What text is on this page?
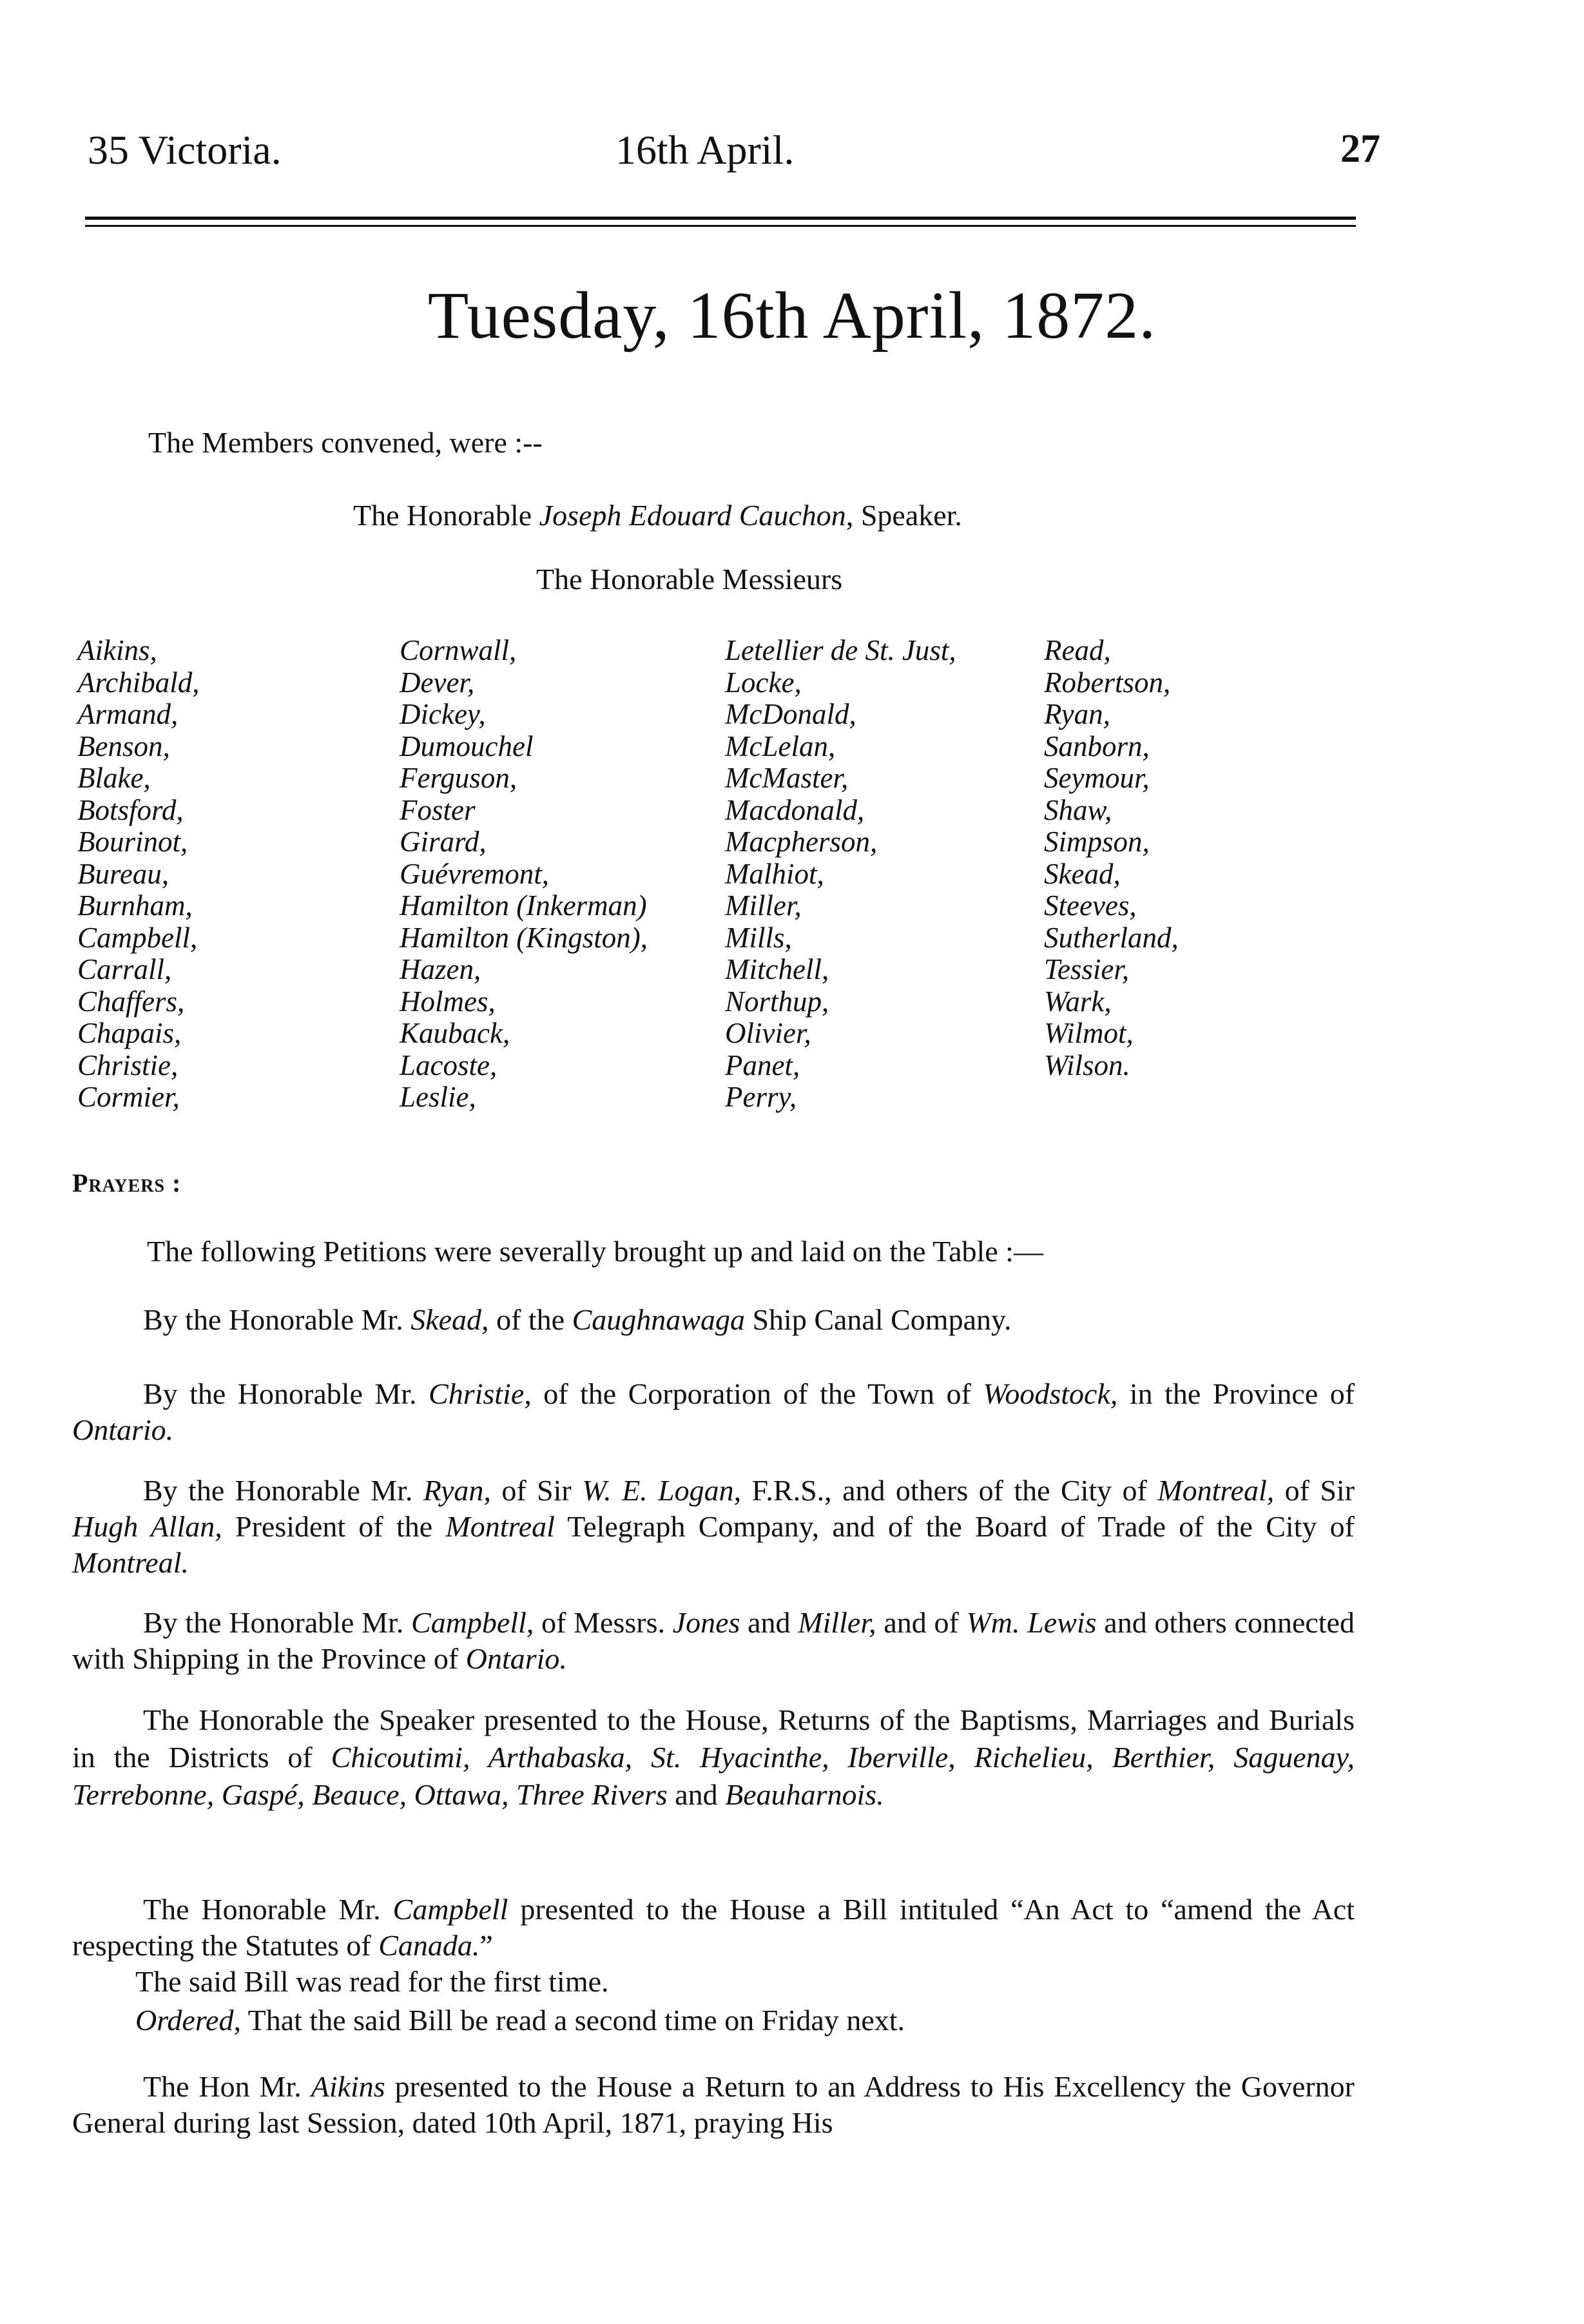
35 Victoria.	16th April.	27
Tuesday, 16th April, 1872.
The Members convened, were :--
The Honorable Joseph Edouard Cauchon, Speaker.
The Honorable Messieurs
Aikins,
Archibald,
Armand,
Benson,
Blake,
Botsford,
Bourinot,
Bureau,
Burnham,
Campbell,
Carrall,
Chaffers,
Chapais,
Christie,
Cormier,
Cornwall,
Dever,
Dickey,
Dumouchel
Ferguson,
Foster
Girard,
Guévremont,
Hamilton (Inkerman)
Hamilton (Kingston),
Hazen,
Holmes,
Kauback,
Lacoste,
Leslie,
Letellier de St. Just,
Locke,
McDonald,
McLelan,
McMaster,
Macdonald,
Macpherson,
Malhiot,
Miller,
Mills,
Mitchell,
Northup,
Olivier,
Panet,
Perry,
Read,
Robertson,
Ryan,
Sanborn,
Seymour,
Shaw,
Simpson,
Skead,
Steeves,
Sutherland,
Tessier,
Wark,
Wilmot,
Wilson.
Prayers :
The following Petitions were severally brought up and laid on the Table :—
By the Honorable Mr. Skead, of the Caughnawaga Ship Canal Company.
By the Honorable Mr. Christie, of the Corporation of the Town of Woodstock, in the Province of Ontario.
By the Honorable Mr. Ryan, of Sir W. E. Logan, F.R.S., and others of the City of Montreal, of Sir Hugh Allan, President of the Montreal Telegraph Company, and of the Board of Trade of the City of Montreal.
By the Honorable Mr. Campbell, of Messrs. Jones and Miller, and of Wm. Lewis and others connected with Shipping in the Province of Ontario.
The Honorable the Speaker presented to the House, Returns of the Baptisms, Marriages and Burials in the Districts of Chicoutimi, Arthabaska, St. Hyacinthe, Iberville, Richelieu, Berthier, Saguenay, Terrebonne, Gaspé, Beauce, Ottawa, Three Rivers and Beauharnois.
The Honorable Mr. Campbell presented to the House a Bill intituled “An Act to “amend the Act respecting the Statutes of Canada.”
The said Bill was read for the first time.
Ordered, That the said Bill be read a second time on Friday next.
The Hon Mr. Aikins presented to the House a Return to an Address to His Excellency the Governor General during last Session, dated 10th April, 1871, praying His
